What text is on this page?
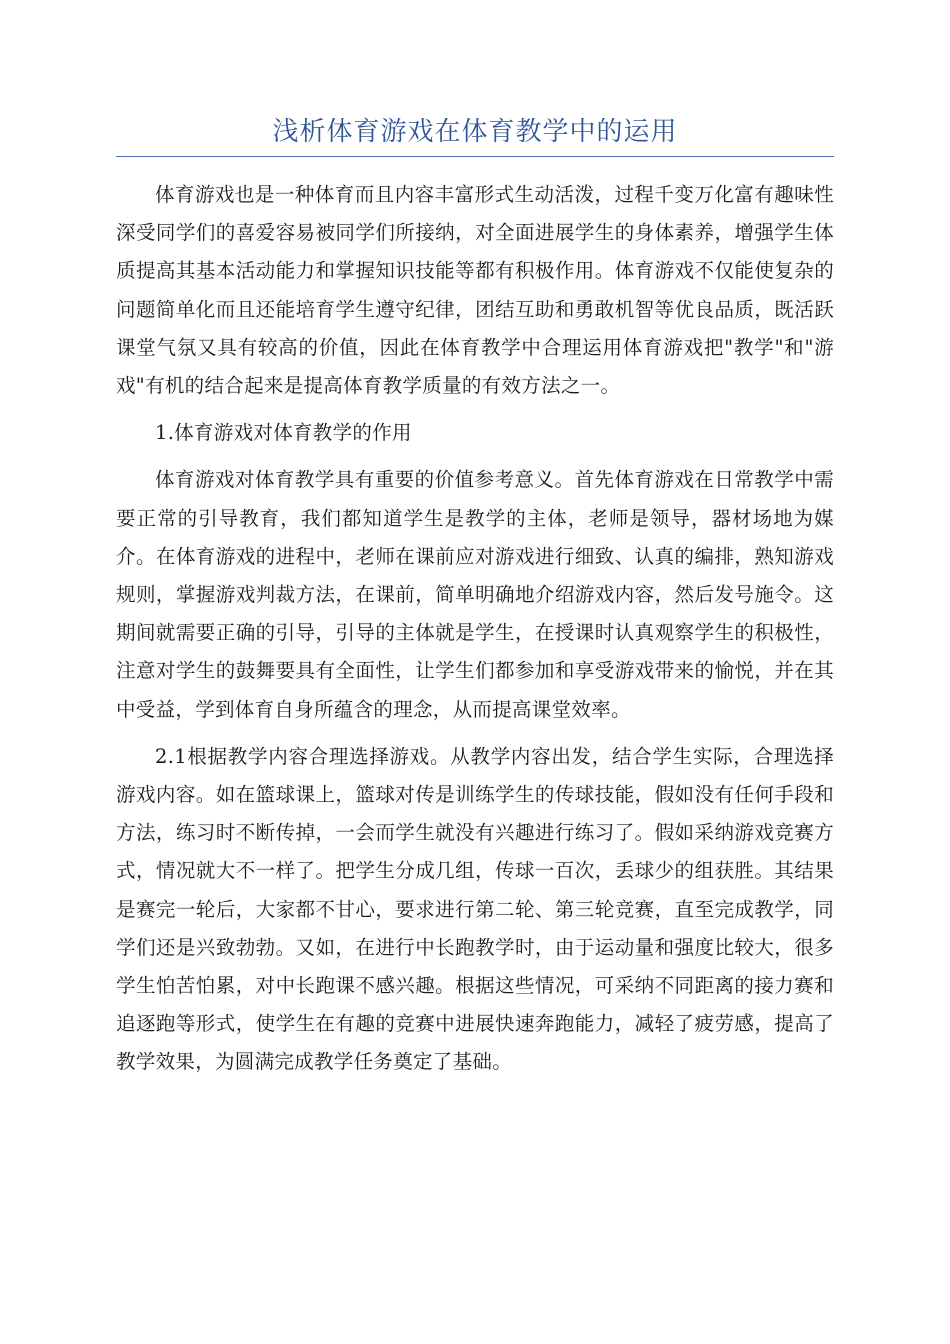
浅析体育游戏在体育教学中的运用

体育游戏也是一种体育而且内容丰富形式生动活泼，过程千变万化富有趣味性深受同学们的喜爱容易被同学们所接纳，对全面进展学生的身体素养，增强学生体质提高其基本活动能力和掌握知识技能等都有积极作用。体育游戏不仅能使复杂的问题简单化而且还能培育学生遵守纪律，团结互助和勇敢机智等优良品质，既活跃课堂气氛又具有较高的价值，因此在体育教学中合理运用体育游戏把"教学"和"游戏"有机的结合起来是提高体育教学质量的有效方法之一。

1.体育游戏对体育教学的作用

体育游戏对体育教学具有重要的价值参考意义。首先体育游戏在日常教学中需要正常的引导教育，我们都知道学生是教学的主体，老师是领导，器材场地为媒介。在体育游戏的进程中，老师在课前应对游戏进行细致、认真的编排，熟知游戏规则，掌握游戏判裁方法，在课前，简单明确地介绍游戏内容，然后发号施令。这期间就需要正确的引导，引导的主体就是学生，在授课时认真观察学生的积极性，注意对学生的鼓舞要具有全面性，让学生们都参加和享受游戏带来的愉悦，并在其中受益，学到体育自身所蕴含的理念，从而提高课堂效率。

2.1根据教学内容合理选择游戏。从教学内容出发，结合学生实际，合理选择游戏内容。如在篮球课上，篮球对传是训练学生的传球技能，假如没有任何手段和方法，练习时不断传掉，一会而学生就没有兴趣进行练习了。假如采纳游戏竞赛方式，情况就大不一样了。把学生分成几组，传球一百次，丢球少的组获胜。其结果是赛完一轮后，大家都不甘心，要求进行第二轮、第三轮竞赛，直至完成教学，同学们还是兴致勃勃。又如，在进行中长跑教学时，由于运动量和强度比较大，很多学生怕苦怕累，对中长跑课不感兴趣。根据这些情况，可采纳不同距离的接力赛和追逐跑等形式，使学生在有趣的竞赛中进展快速奔跑能力，减轻了疲劳感，提高了教学效果，为圆满完成教学任务奠定了基础。
